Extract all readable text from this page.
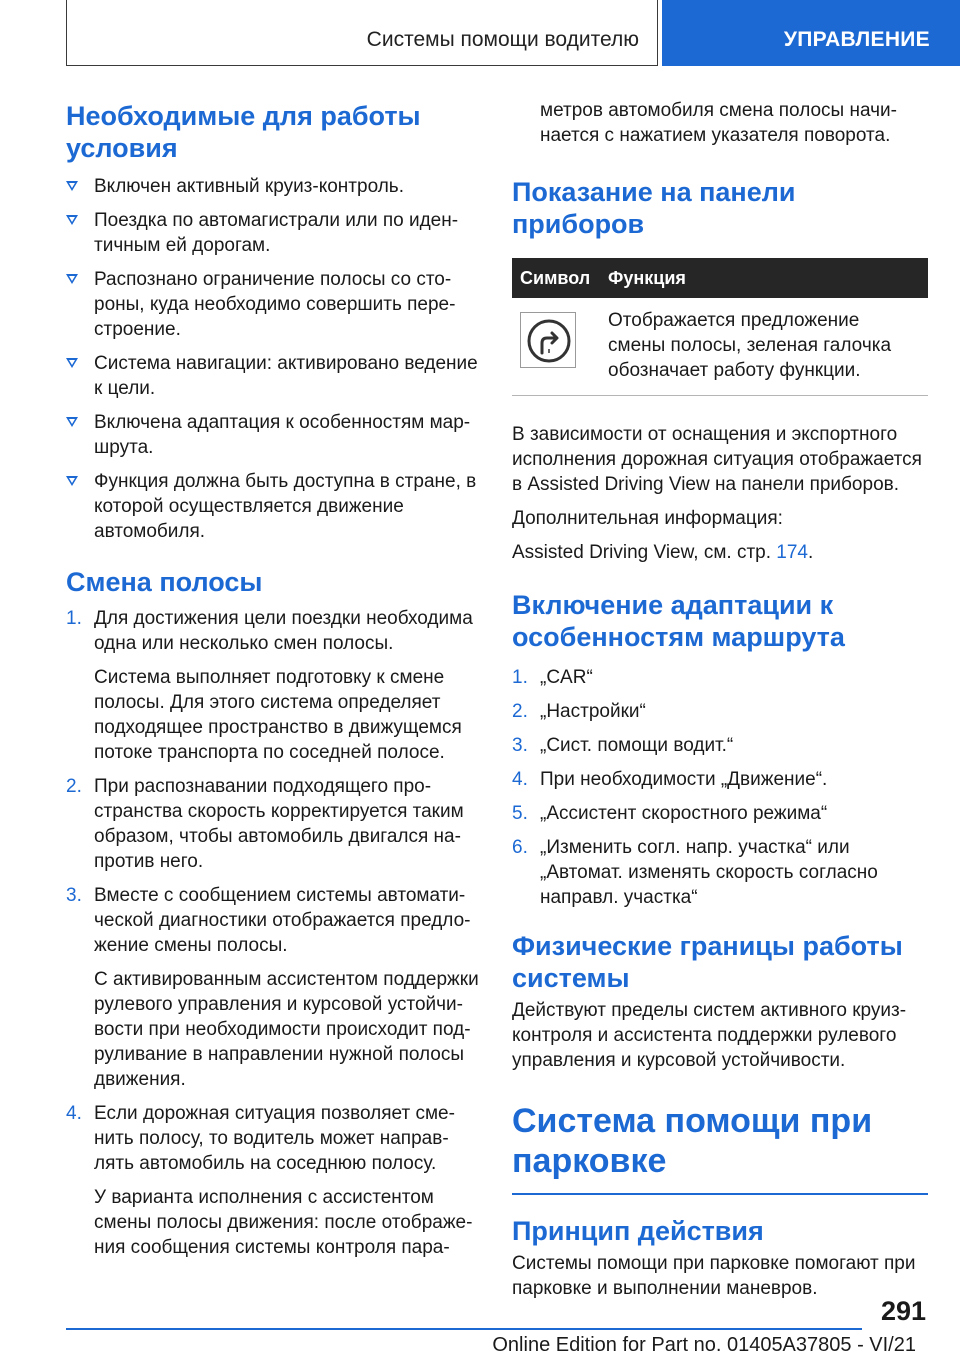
Системы помощи водителю	УПРАВЛЕНИЕ
Необходимые для работы условия
Включен активный круиз-контроль.
Поездка по автомагистрали или по иден-тичным ей дорогам.
Распознано ограничение полосы со сто-роны, куда необходимо совершить пере-строение.
Система навигации: активировано ведение к цели.
Включена адаптация к особенностям мар-шрута.
Функция должна быть доступна в стране, в которой осуществляется движение автомобиля.
Смена полосы
1. Для достижения цели поездки необходима одна или несколько смен полосы.

Система выполняет подготовку к смене полосы. Для этого система определяет подходящее пространство в движущемся потоке транспорта по соседней полосе.

2. При распознавании подходящего про-странства скорость корректируется таким образом, чтобы автомобиль двигался на-против него.

3. Вместе с сообщением системы автомати-ческой диагностики отображается предло-жение смены полосы.

С активированным ассистентом поддержки рулевого управления и курсовой устойчи-вости при необходимости происходит под-руливание в направлении нужной полосы движения.

4. Если дорожная ситуация позволяет сме-нить полосу, то водитель может направ-лять автомобиль на соседнюю полосу.

У варианта исполнения с ассистентом смены полосы движения: после отображе-ния сообщения системы контроля пара-

метров автомобиля смена полосы начи-нается с нажатием указателя поворота.

Показание на панели приборов
Символ	Функция

	Отображается предложение смены полосы, зеленая галочка обозначает работу функции.

В зависимости от оснащения и экспортного исполнения дорожная ситуация отображается в Assisted Driving View на панели приборов.

Дополнительная информация:

Assisted Driving View, см. стр. 174.

Включение адаптации к особенностям маршрута
1. „CAR“
2. „Настройки“
3. „Сист. помощи водит.“
4. При необходимости „Движение“.
5. „Ассистент скоростного режима“
6. „Изменить согл. напр. участка“ или „Автомат. изменять скорость согласно направл. участка“
Физические границы работы системы

Действуют пределы систем активного круиз-контроля и ассистента поддержки рулевого управления и курсовой устойчивости.

Система помощи при парковке
Принцип действия

Системы помощи при парковке помогают при парковке и выполнении маневров.

291
Online Edition for Part no. 01405A37805 - VI/21
